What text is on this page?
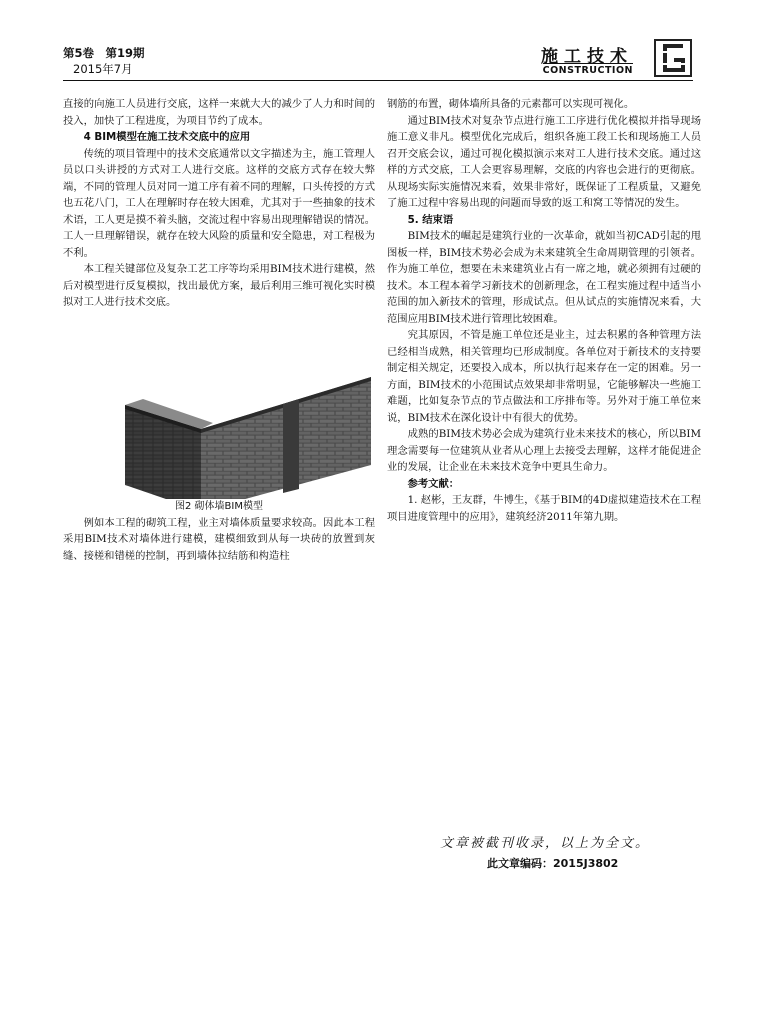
第5卷　第19期
2015年7月
施工技术
CONSTRUCTION

直接的向施工人员进行交底，这样一来就大大的减少了人力和时间的投入，加快了工程进度，为项目节约了成本。

4 BIM模型在施工技术交底中的应用

传统的项目管理中的技术交底通常以文字描述为主，施工管理人员以口头讲授的方式对工人进行交底。这样的交底方式存在较大弊端，不同的管理人员对同一道工序有着不同的理解，口头传授的方式也五花八门，工人在理解时存在较大困难，尤其对于一些抽象的技术术语，工人更是摸不着头脑，交流过程中容易出现理解错误的情况。工人一旦理解错误，就存在较大风险的质量和安全隐患，对工程极为不利。

本工程关键部位及复杂工艺工序等均采用BIM技术进行建模，然后对模型进行反复模拟，找出最优方案，最后利用三维可视化实时模拟对工人进行技术交底。

图2 砌体墙BIM模型

例如本工程的砌筑工程，业主对墙体质量要求较高。因此本工程采用BIM技术对墙体进行建模，建模细致到从每一块砖的放置到灰缝、接槎和错槎的控制，再到墙体拉结筋和构造柱

钢筋的布置，砌体墙所具备的元素都可以实现可视化。

通过BIM技术对复杂节点进行施工工序进行优化模拟并指导现场施工意义非凡。模型优化完成后，组织各施工段工长和现场施工人员召开交底会议，通过可视化模拟演示来对工人进行技术交底。通过这样的方式交底，工人会更容易理解，交底的内容也会进行的更彻底。从现场实际实施情况来看，效果非常好，既保证了工程质量，又避免了施工过程中容易出现的问题而导致的返工和窝工等情况的发生。

5. 结束语

BIM技术的崛起是建筑行业的一次革命，就如当初CAD引起的甩图板一样，BIM技术势必会成为未来建筑全生命周期管理的引领者。作为施工单位，想要在未来建筑业占有一席之地，就必须拥有过硬的技术。本工程本着学习新技术的创新理念，在工程实施过程中适当小范围的加入新技术的管理，形成试点。但从试点的实施情况来看，大范围应用BIM技术进行管理比较困难。

究其原因，不管是施工单位还是业主，过去积累的各种管理方法已经相当成熟，相关管理均已形成制度。各单位对于新技术的支持要制定相关规定，还要投入成本，所以执行起来存在一定的困难。另一方面，BIM技术的小范围试点效果却非常明显，它能够解决一些施工难题，比如复杂节点的节点做法和工序排布等。另外对于施工单位来说，BIM技术在深化设计中有很大的优势。

成熟的BIM技术势必会成为建筑行业未来技术的核心，所以BIM理念需要每一位建筑从业者从心理上去接受去理解，这样才能促进企业的发展，让企业在未来技术竞争中更具生命力。

参考文献：

1. 赵彬，王友群，牛博生，《基于BIM的4D虚拟建造技术在工程项目进度管理中的应用》，建筑经济2011年第九期。

文章被截刊收录，以上为全文。
此文章编码：2015J3802
